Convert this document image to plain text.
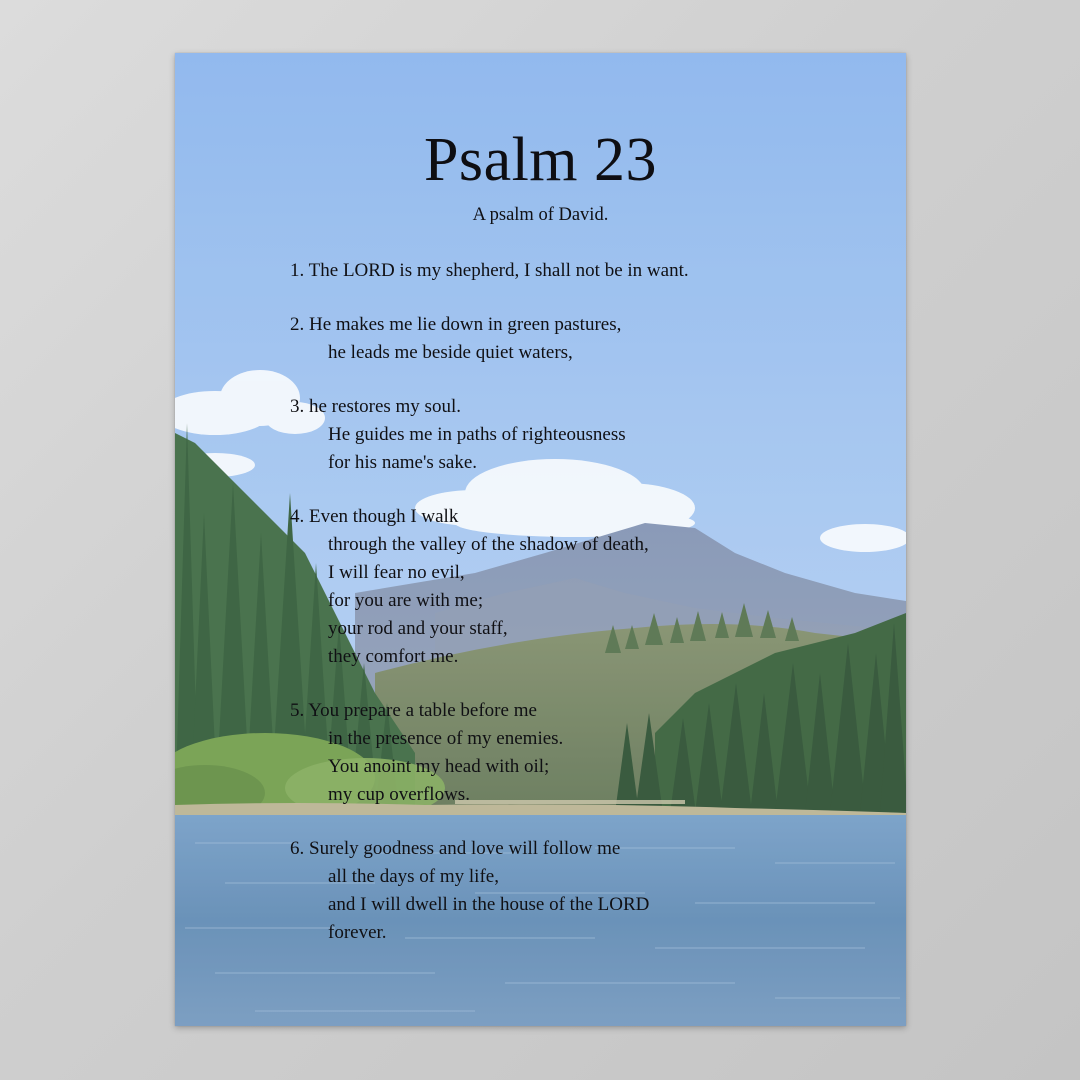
Psalm 23
A psalm of David.
1. The LORD is my shepherd, I shall not be in want.
2. He makes me lie down in green pastures,
he leads me beside quiet waters,
3. he restores my soul.
He guides me in paths of righteousness
for his name's sake.
4. Even though I walk
through the valley of the shadow of death,
I will fear no evil,
for you are with me;
your rod and your staff,
they comfort me.
5. You prepare a table before me
in the presence of my enemies.
You anoint my head with oil;
my cup overflows.
6. Surely goodness and love will follow me
all the days of my life,
and I will dwell in the house of the LORD
forever.
